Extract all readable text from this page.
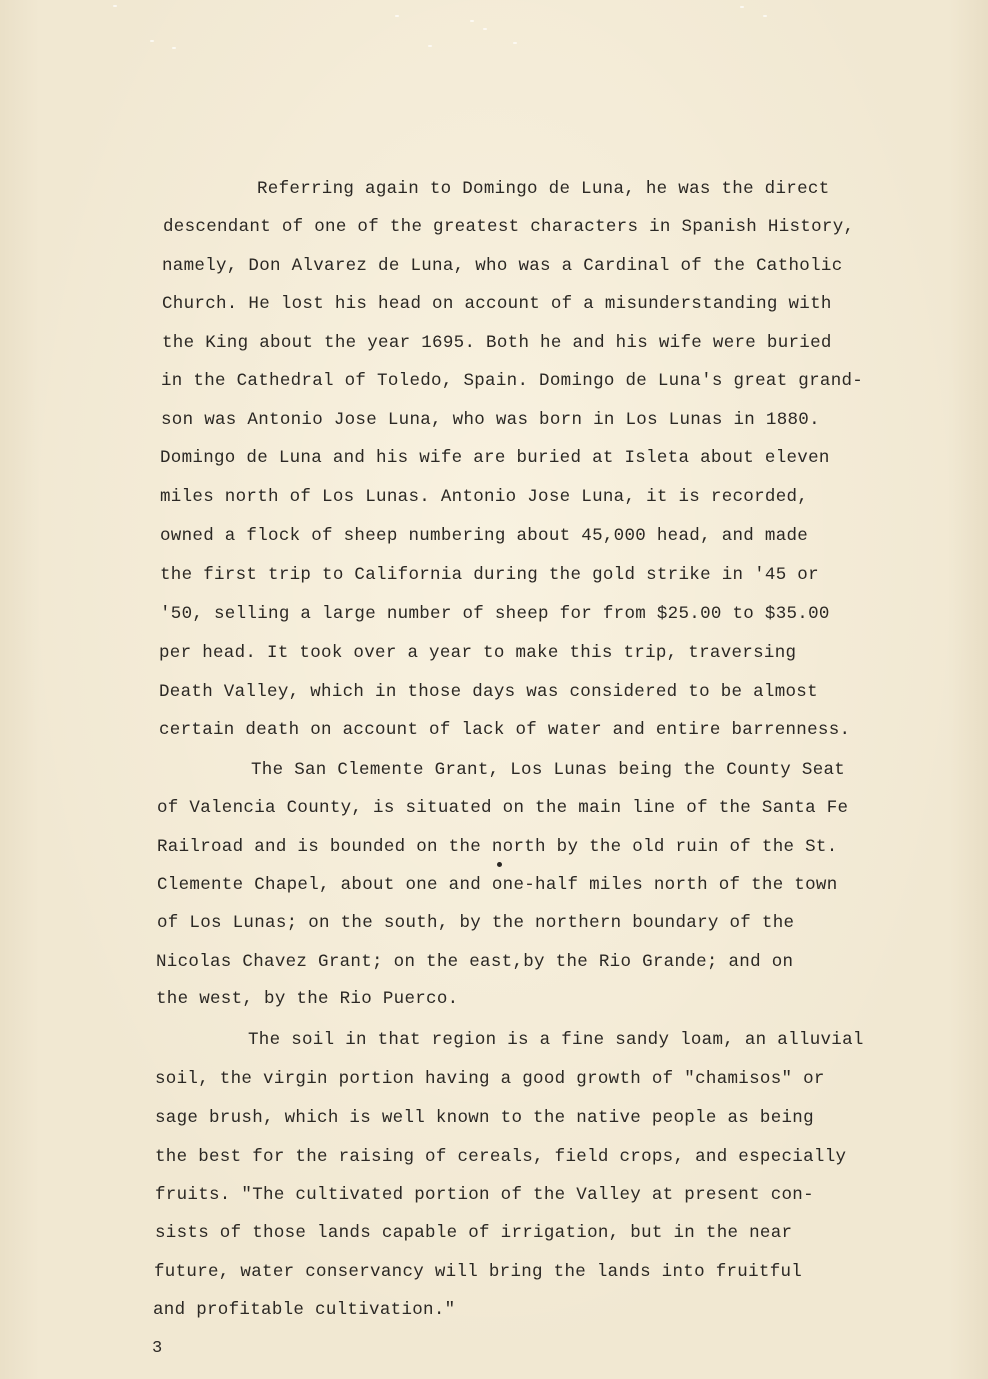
Referring again to Domingo de Luna, he was the direct

descendant of one of the greatest characters in Spanish History,

namely, Don Alvarez de Luna, who was a Cardinal of the Catholic

Church. He lost his head on account of a misunderstanding with

the King about the year 1695. Both he and his wife were buried

in the Cathedral of Toledo, Spain. Domingo de Luna's great grand-

son was Antonio Jose Luna, who was born in Los Lunas in 1880.

Domingo de Luna and his wife are buried at Isleta about eleven

miles north of Los Lunas. Antonio Jose Luna, it is recorded,

owned a flock of sheep numbering about 45,000 head, and made

the first trip to California during the gold strike in '45 or

'50, selling a large number of sheep for from $25.00 to $35.00

per head. It took over a year to make this trip, traversing

Death Valley, which in those days was considered to be almost

certain death on account of lack of water and entire barrenness.

The San Clemente Grant, Los Lunas being the County Seat

of Valencia County, is situated on the main line of the Santa Fe

Railroad and is bounded on the north by the old ruin of the St.

Clemente Chapel, about one and one-half miles north of the town

of Los Lunas; on the south, by the northern boundary of the

Nicolas Chavez Grant; on the east,by the Rio Grande; and on

the west, by the Rio Puerco.

The soil in that region is a fine sandy loam, an alluvial

soil, the virgin portion having a good growth of "chamisos" or

sage brush, which is well known to the native people as being

the best for the raising of cereals, field crops, and especially

fruits. "The cultivated portion of the Valley at present con-

sists of those lands capable of irrigation, but in the near

future, water conservancy will bring the lands into fruitful

and profitable cultivation."

3
